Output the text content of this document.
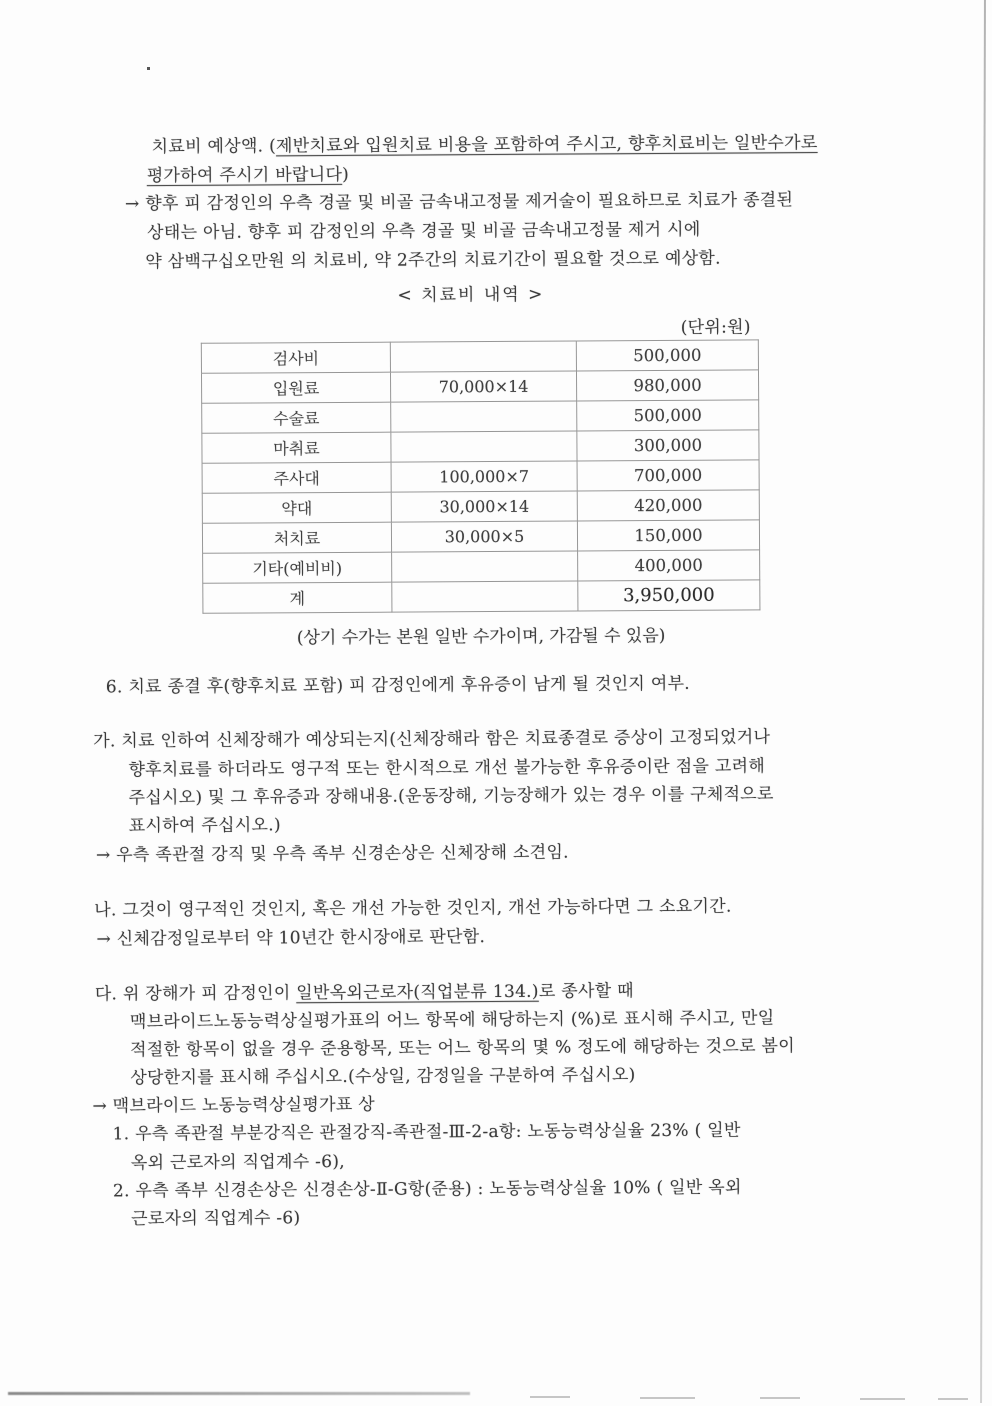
치료비 예상액. (제반치료와 입원치료 비용을 포함하여 주시고, 향후치료비는 일반수가로
평가하여 주시기 바랍니다)
→ 향후 피 감정인의 우측 경골 및 비골 금속내고정물 제거술이 필요하므로 치료가 종결된
상태는 아님. 향후 피 감정인의 우측 경골 및 비골 금속내고정물 제거 시에
약 삼백구십오만원 의 치료비, 약 2주간의 치료기간이 필요할 것으로 예상함.
< 치료비 내역 >
(단위:원)
검사비		500,000
입원료	70,000×14	980,000
수술료		500,000
마취료		300,000
주사대	100,000×7	700,000
약대	30,000×14	420,000
처치료	30,000×5	150,000
기타(예비비)		400,000
계		3,950,000
(상기 수가는 본원 일반 수가이며, 가감될 수 있음)
6. 치료 종결 후(향후치료 포함) 피 감정인에게 후유증이 남게 될 것인지 여부.
가. 치료 인하여 신체장해가 예상되는지(신체장해라 함은 치료종결로 증상이 고정되었거나
향후치료를 하더라도 영구적 또는 한시적으로 개선 불가능한 후유증이란 점을 고려해
주십시오) 및 그 후유증과 장해내용.(운동장해, 기능장해가 있는 경우 이를 구체적으로
표시하여 주십시오.)
→ 우측 족관절 강직 및 우측 족부 신경손상은 신체장해 소견임.
나. 그것이 영구적인 것인지, 혹은 개선 가능한 것인지, 개선 가능하다면 그 소요기간.
→ 신체감정일로부터 약 10년간 한시장애로 판단함.
다. 위 장해가 피 감정인이 일반옥외근로자(직업분류 134.)로 종사할 때
맥브라이드노동능력상실평가표의 어느 항목에 해당하는지 (%)로 표시해 주시고, 만일
적절한 항목이 없을 경우 준용항목, 또는 어느 항목의 몇 % 정도에 해당하는 것으로 봄이
상당한지를 표시해 주십시오.(수상일, 감정일을 구분하여 주십시오)
→ 맥브라이드 노동능력상실평가표 상
1. 우측 족관절 부분강직은 관절강직-족관절-Ⅲ-2-a항: 노동능력상실율 23% ( 일반
옥외 근로자의 직업계수 -6),
2. 우측 족부 신경손상은 신경손상-Ⅱ-G항(준용) : 노동능력상실율 10% ( 일반 옥외
근로자의 직업계수 -6)
